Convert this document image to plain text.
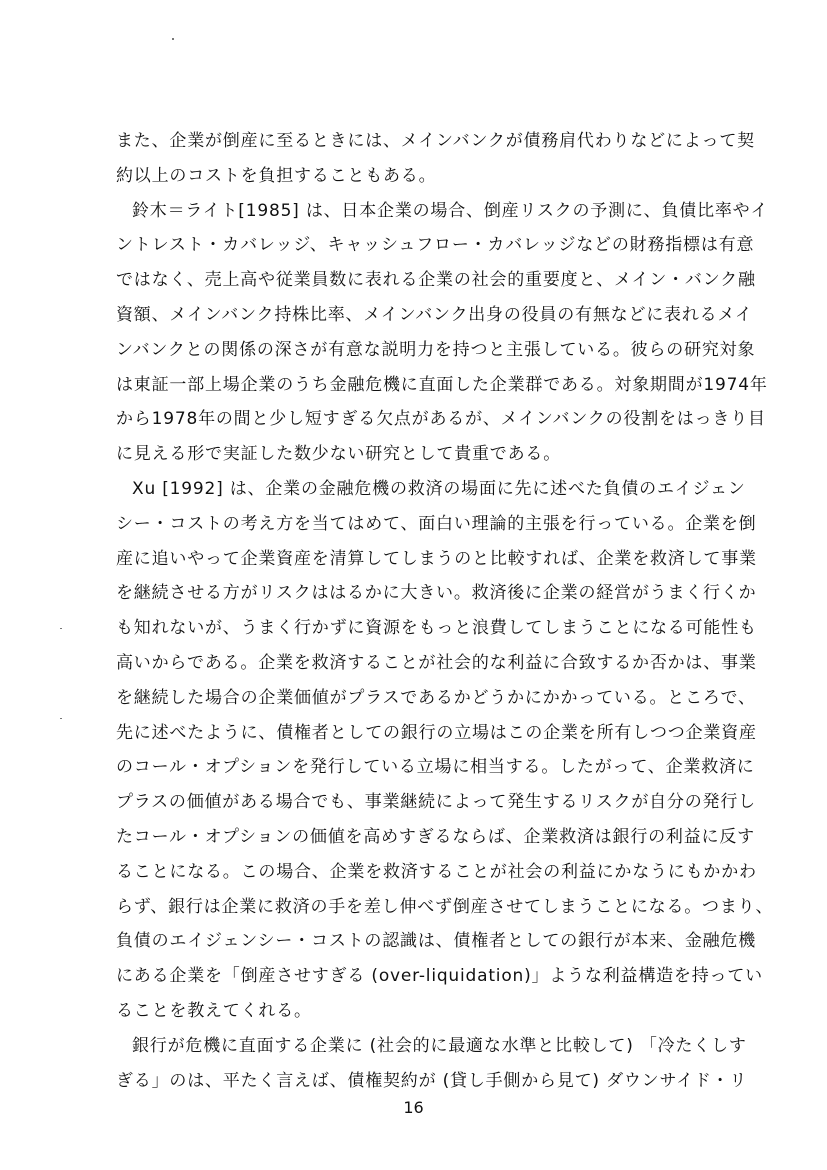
また、企業が倒産に至るときには、メインバンクが債務肩代わりなどによって契
約以上のコストを負担することもある。
鈴木＝ライト[1985] は、日本企業の場合、倒産リスクの予測に、負債比率やイ
ントレスト・カバレッジ、キャッシュフロー・カバレッジなどの財務指標は有意
ではなく、売上高や従業員数に表れる企業の社会的重要度と、メイン・バンク融
資額、メインバンク持株比率、メインバンク出身の役員の有無などに表れるメイ
ンバンクとの関係の深さが有意な説明力を持つと主張している。彼らの研究対象
は東証一部上場企業のうち金融危機に直面した企業群である。対象期間が1974年
から1978年の間と少し短すぎる欠点があるが、メインバンクの役割をはっきり目
に見える形で実証した数少ない研究として貴重である。
Xu [1992] は、企業の金融危機の救済の場面に先に述べた負債のエイジェン
シー・コストの考え方を当てはめて、面白い理論的主張を行っている。企業を倒
産に追いやって企業資産を清算してしまうのと比較すれば、企業を救済して事業
を継続させる方がリスクははるかに大きい。救済後に企業の経営がうまく行くか
も知れないが、うまく行かずに資源をもっと浪費してしまうことになる可能性も
高いからである。企業を救済することが社会的な利益に合致するか否かは、事業
を継続した場合の企業価値がプラスであるかどうかにかかっている。ところで、
先に述べたように、債権者としての銀行の立場はこの企業を所有しつつ企業資産
のコール・オプションを発行している立場に相当する。したがって、企業救済に
プラスの価値がある場合でも、事業継続によって発生するリスクが自分の発行し
たコール・オプションの価値を高めすぎるならば、企業救済は銀行の利益に反す
ることになる。この場合、企業を救済することが社会の利益にかなうにもかかわ
らず、銀行は企業に救済の手を差し伸べず倒産させてしまうことになる。つまり、
負債のエイジェンシー・コストの認識は、債権者としての銀行が本来、金融危機
にある企業を「倒産させすぎる (over-liquidation)」ような利益構造を持ってい
ることを教えてくれる。
銀行が危機に直面する企業に (社会的に最適な水準と比較して) 「冷たくしす
ぎる」のは、平たく言えば、債権契約が (貸し手側から見て) ダウンサイド・リ
16
